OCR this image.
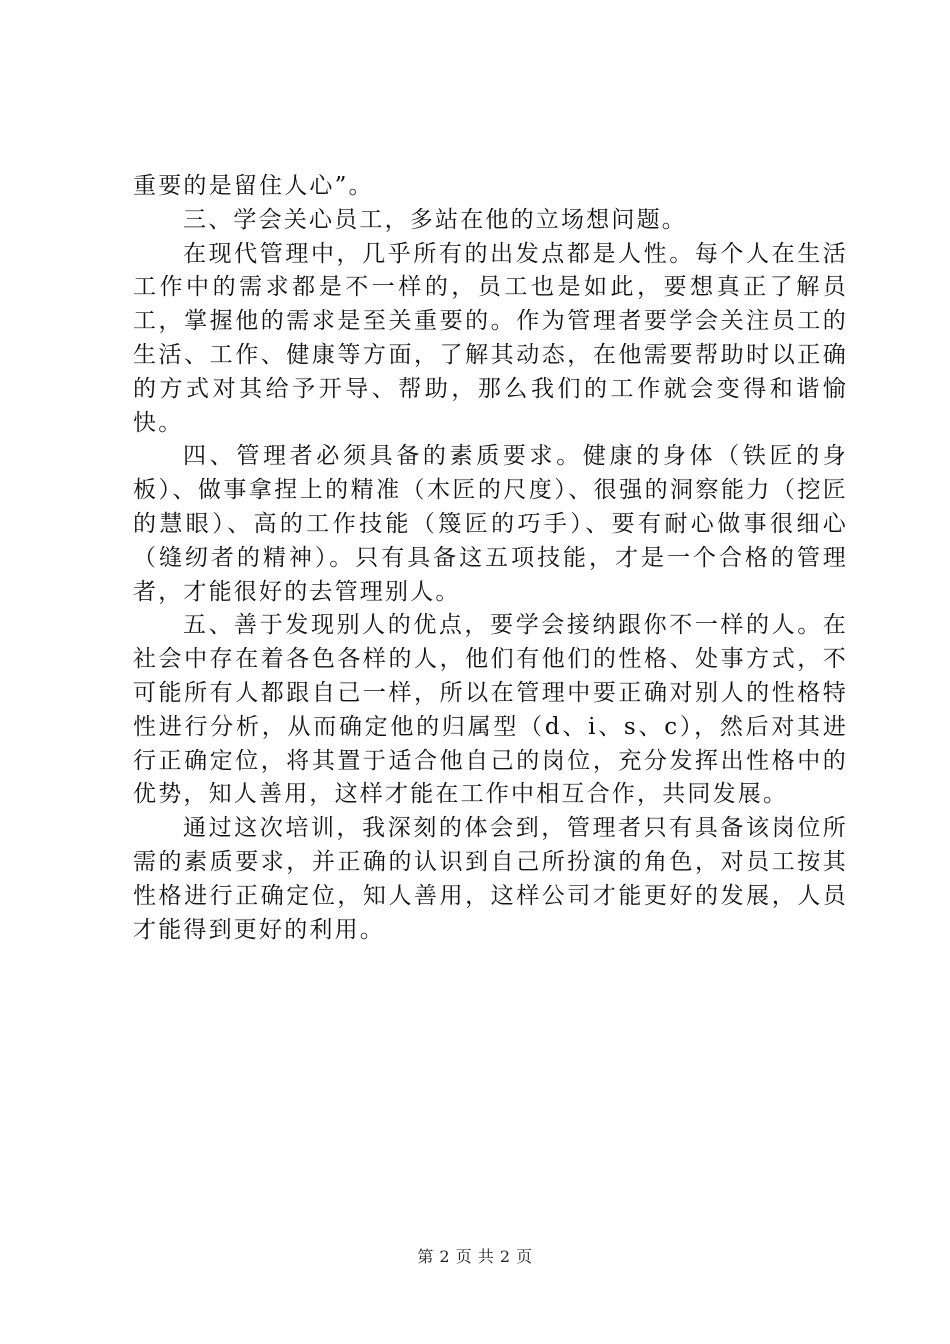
重要的是留住人心”。

三、学会关心员工，多站在他的立场想问题。

在现代管理中，几乎所有的出发点都是人性。每个人在生活工作中的需求都是不一样的，员工也是如此，要想真正了解员工，掌握他的需求是至关重要的。作为管理者要学会关注员工的生活、工作、健康等方面，了解其动态，在他需要帮助时以正确的方式对其给予开导、帮助，那么我们的工作就会变得和谐愉快。

四、管理者必须具备的素质要求。健康的身体（铁匠的身板）、做事拿捏上的精准（木匠的尺度）、很强的洞察能力（挖匠的慧眼）、高的工作技能（篾匠的巧手）、要有耐心做事很细心（缝纫者的精神）。只有具备这五项技能，才是一个合格的管理者，才能很好的去管理别人。

五、善于发现别人的优点，要学会接纳跟你不一样的人。在社会中存在着各色各样的人，他们有他们的性格、处事方式，不可能所有人都跟自己一样，所以在管理中要正确对别人的性格特性进行分析，从而确定他的归属型（d、i、s、c），然后对其进行正确定位，将其置于适合他自己的岗位，充分发挥出性格中的优势，知人善用，这样才能在工作中相互合作，共同发展。

通过这次培训，我深刻的体会到，管理者只有具备该岗位所需的素质要求，并正确的认识到自己所扮演的角色，对员工按其性格进行正确定位，知人善用，这样公司才能更好的发展，人员才能得到更好的利用。

第 2 页 共 2 页
